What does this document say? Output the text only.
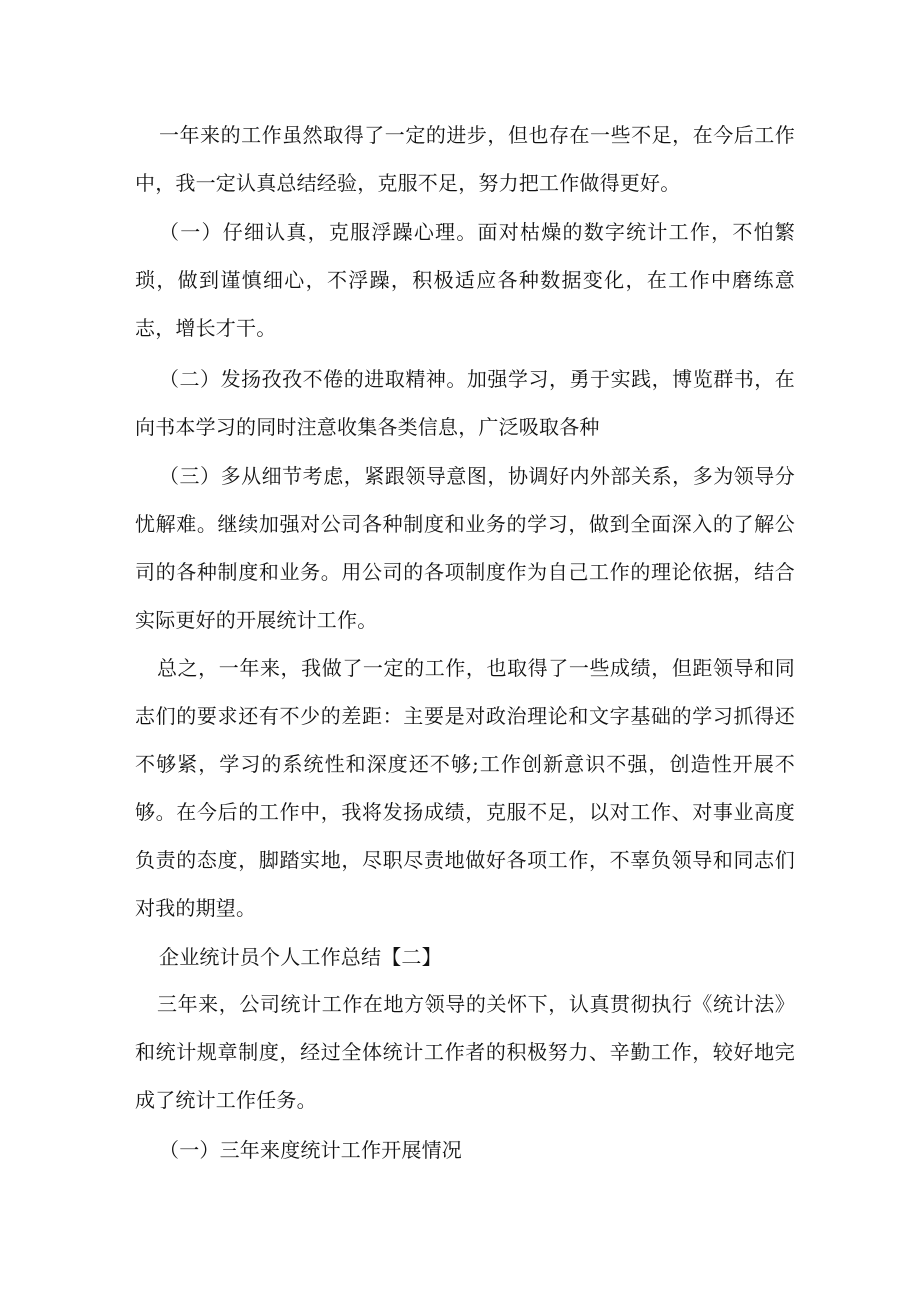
一年来的工作虽然取得了一定的进步，但也存在一些不足，在今后工作中，我一定认真总结经验，克服不足，努力把工作做得更好。

（一）仔细认真，克服浮躁心理。面对枯燥的数字统计工作，不怕繁琐，做到谨慎细心，不浮躁，积极适应各种数据变化，在工作中磨练意志，增长才干。

（二）发扬孜孜不倦的进取精神。加强学习，勇于实践，博览群书，在向书本学习的同时注意收集各类信息，广泛吸取各种

（三）多从细节考虑，紧跟领导意图，协调好内外部关系，多为领导分忧解难。继续加强对公司各种制度和业务的学习，做到全面深入的了解公司的各种制度和业务。用公司的各项制度作为自己工作的理论依据，结合实际更好的开展统计工作。

总之，一年来，我做了一定的工作，也取得了一些成绩，但距领导和同志们的要求还有不少的差距：主要是对政治理论和文字基础的学习抓得还不够紧，学习的系统性和深度还不够;工作创新意识不强，创造性开展不够。在今后的工作中，我将发扬成绩，克服不足，以对工作、对事业高度负责的态度，脚踏实地，尽职尽责地做好各项工作，不辜负领导和同志们对我的期望。

企业统计员个人工作总结【二】

三年来，公司统计工作在地方领导的关怀下，认真贯彻执行《统计法》和统计规章制度，经过全体统计工作者的积极努力、辛勤工作，较好地完成了统计工作任务。

（一）三年来度统计工作开展情况
